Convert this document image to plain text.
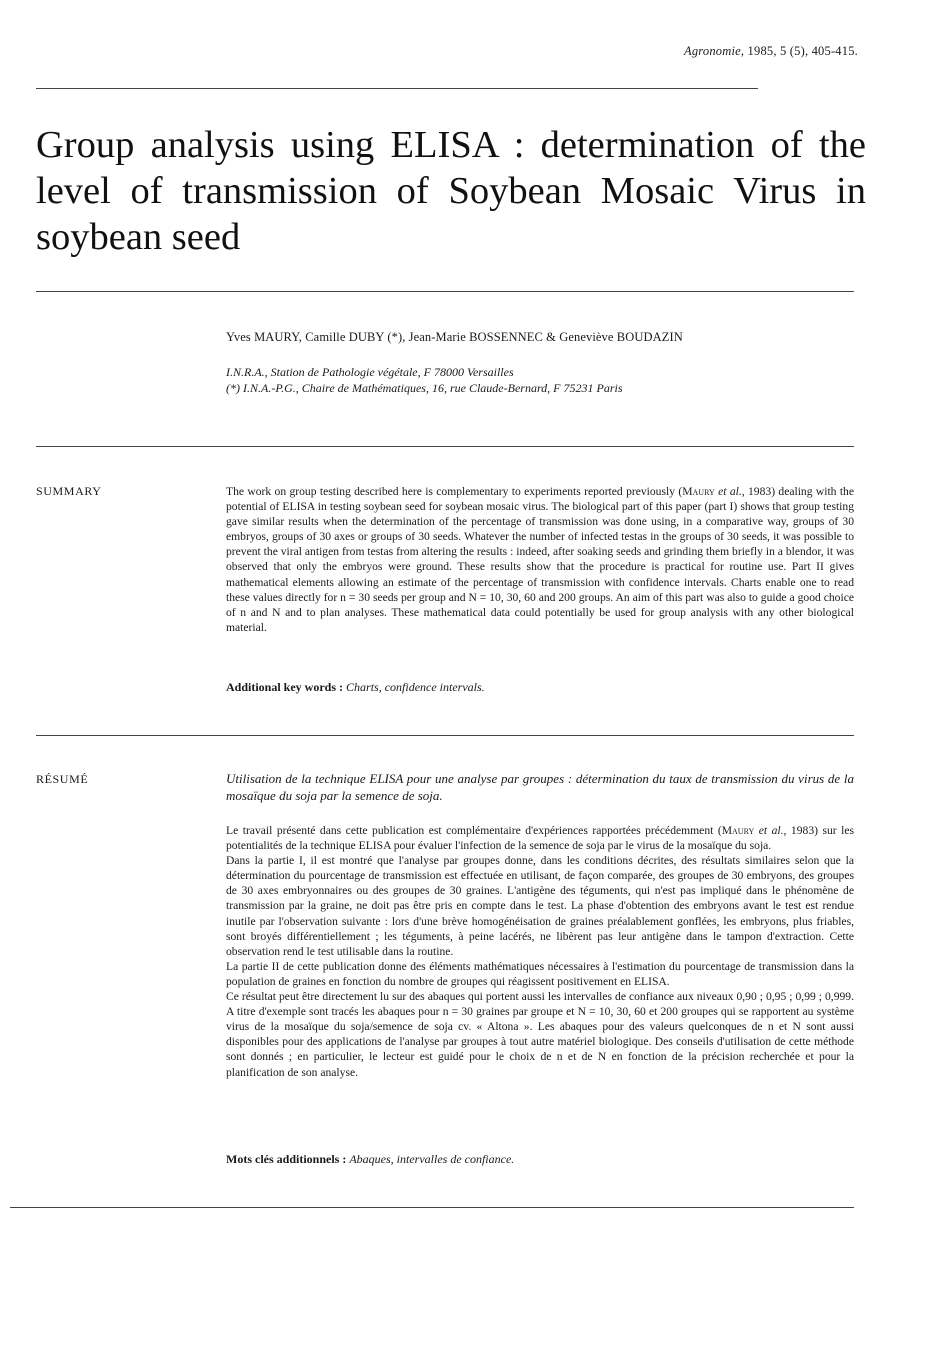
Agronomie, 1985, 5 (5), 405-415.
Group analysis using ELISA : determination of the level of transmission of Soybean Mosaic Virus in soybean seed
Yves MAURY, Camille DUBY (*), Jean-Marie BOSSENNEC & Geneviève BOUDAZIN
I.N.R.A., Station de Pathologie végétale, F 78000 Versailles
(*) I.N.A.-P.G., Chaire de Mathématiques, 16, rue Claude-Bernard, F 75231 Paris
SUMMARY	The work on group testing described here is complementary to experiments reported previously (Maury et al., 1983) dealing with the potential of ELISA in testing soybean seed for soybean mosaic virus. The biological part of this paper (part I) shows that group testing gave similar results when the determination of the percentage of transmission was done using, in a comparative way, groups of 30 embryos, groups of 30 axes or groups of 30 seeds. Whatever the number of infected testas in the groups of 30 seeds, it was possible to prevent the viral antigen from testas from altering the results : indeed, after soaking seeds and grinding them briefly in a blendor, it was observed that only the embryos were ground. These results show that the procedure is practical for routine use. Part II gives mathematical elements allowing an estimate of the percentage of transmission with confidence intervals. Charts enable one to read these values directly for n = 30 seeds per group and N = 10, 30, 60 and 200 groups. An aim of this part was also to guide a good choice of n and N and to plan analyses. These mathematical data could potentially be used for group analysis with any other biological material.

Additional key words : Charts, confidence intervals.
RÉSUMÉ	Utilisation de la technique ELISA pour une analyse par groupes : détermination du taux de transmission du virus de la mosaïque du soja par la semence de soja.

Le travail présenté dans cette publication est complémentaire d'expériences rapportées précédemment (Maury et al., 1983) sur les potentialités de la technique ELISA pour évaluer l'infection de la semence de soja par le virus de la mosaïque du soja.

Dans la partie I, il est montré que l'analyse par groupes donne, dans les conditions décrites, des résultats similaires selon que la détermination du pourcentage de transmission est effectuée en utilisant, de façon comparée, des groupes de 30 embryons, des groupes de 30 axes embryonnaires ou des groupes de 30 graines. L'antigène des téguments, qui n'est pas impliqué dans le phénomène de transmission par la graine, ne doit pas être pris en compte dans le test. La phase d'obtention des embryons avant le test est rendue inutile par l'observation suivante : lors d'une brève homogénéisation de graines préalablement gonflées, les embryons, plus friables, sont broyés différentiellement ; les téguments, à peine lacérés, ne libèrent pas leur antigène dans le tampon d'extraction. Cette observation rend le test utilisable dans la routine.

La partie II de cette publication donne des éléments mathématiques nécessaires à l'estimation du pourcentage de transmission dans la population de graines en fonction du nombre de groupes qui réagissent positivement en ELISA.

Ce résultat peut être directement lu sur des abaques qui portent aussi les intervalles de confiance aux niveaux 0,90 ; 0,95 ; 0,99 ; 0,999. A titre d'exemple sont tracés les abaques pour n = 30 graines par groupe et N = 10, 30, 60 et 200 groupes qui se rapportent au système virus de la mosaïque du soja/semence de soja cv. « Altona ». Les abaques pour des valeurs quelconques de n et N sont aussi disponibles pour des applications de l'analyse par groupes à tout autre matériel biologique. Des conseils d'utilisation de cette méthode sont donnés ; en particulier, le lecteur est guidé pour le choix de n et de N en fonction de la précision recherchée et pour la planification de son analyse.

Mots clés additionnels : Abaques, intervalles de confiance.
